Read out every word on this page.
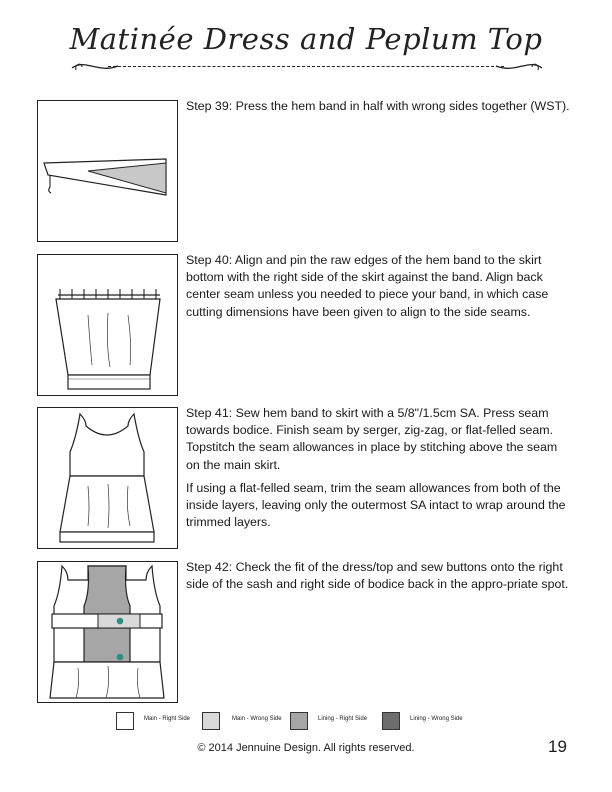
Matinée Dress and Peplum Top

Step 39: Press the hem band in half with wrong sides together (WST).

Step 40: Align and pin the raw edges of the hem band to the skirt bottom with the right side of the skirt against the band. Align back center seam unless you needed to piece your band, in which case cutting dimensions have been given to align to the side seams.

Step 41: Sew hem band to skirt with a 5/8"/1.5cm SA. Press seam towards bodice. Finish seam by serger, zig-zag, or flat-felled seam. Topstitch the seam allowances in place by stitching above the seam on the main skirt.

If using a flat-felled seam, trim the seam allowances from both of the inside layers, leaving only the outermost SA intact to wrap around the trimmed layers.

Step 42: Check the fit of the dress/top and sew buttons onto the right side of the sash and right side of bodice back in the appro-priate spot.

Main - Right Side	Main - Wrong Side	Lining - Right Side	Lining - Wrong Side
© 2014 Jennuine Design. All rights reserved.	19
